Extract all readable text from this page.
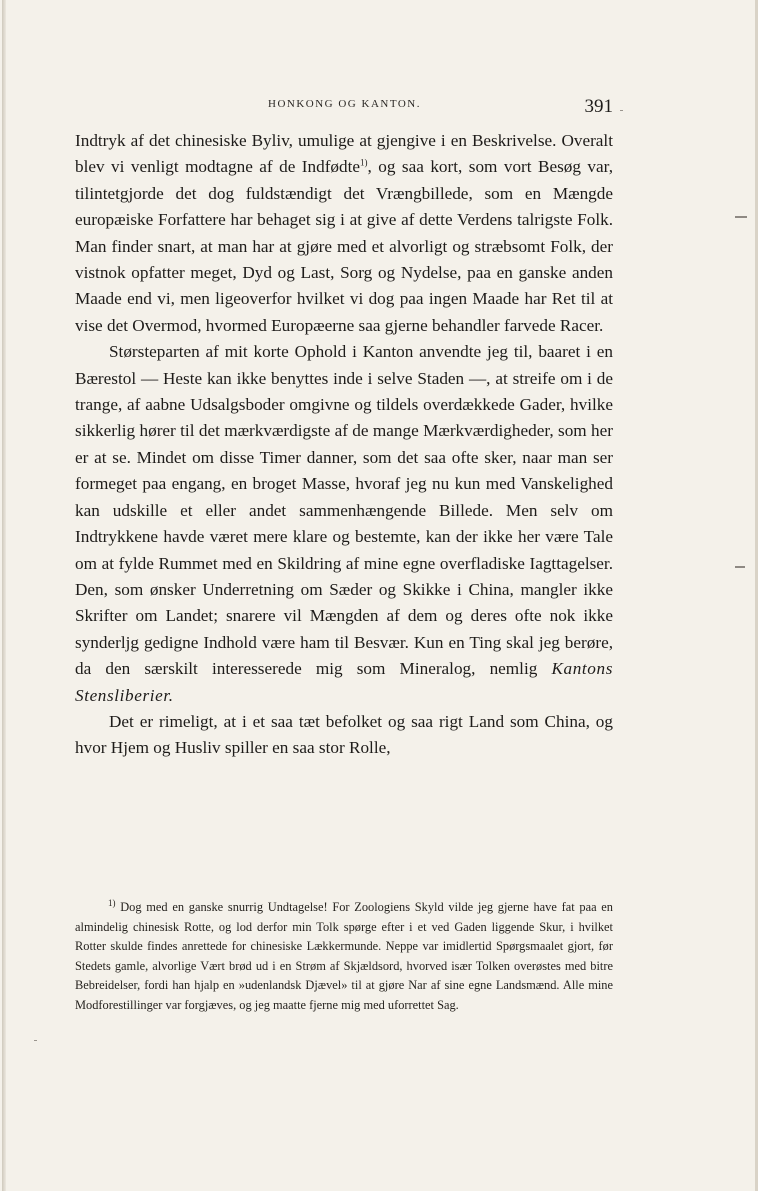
HONKONG OG KANTON.	391

Indtryk af det chinesiske Byliv, umulige at gjengive i en Beskrivelse. Overalt blev vi venligt modtagne af de Indfødte$^{1)}$, og saa kort, som vort Besøg var, tilintetgjorde det dog fuldstændigt det Vrængbillede, som en Mængde europæiske Forfattere har behaget sig i at give af dette Verdens talrigste Folk. Man finder snart, at man har at gjøre med et alvorligt og stræbsomt Folk, der vistnok opfatter meget, Dyd og Last, Sorg og Nydelse, paa en ganske anden Maade end vi, men ligeoverfor hvilket vi dog paa ingen Maade har Ret til at vise det Overmod, hvormed Europæerne saa gjerne behandler farvede Racer.

Størsteparten af mit korte Ophold i Kanton anvendte jeg til, baaret i en Bærestol — Heste kan ikke benyttes inde i selve Staden —, at streife om i de trange, af aabne Udsalgsboder omgivne og tildels overdækkede Gader, hvilke sikkerlig hører til det mærkværdigste af de mange Mærkværdigheder, som her er at se. Mindet om disse Timer danner, som det saa ofte sker, naar man ser formeget paa engang, en broget Masse, hvoraf jeg nu kun med Vanskelighed kan udskille et eller andet sammenhængende Billede. Men selv om Indtrykkene havde været mere klare og bestemte, kan der ikke her være Tale om at fylde Rummet med en Skildring af mine egne overfladiske Iagttagelser. Den, som ønsker Underretning om Sæder og Skikke i China, mangler ikke Skrifter om Landet; snarere vil Mængden af dem og deres ofte nok ikke synderljg gedigne Indhold være ham til Besvær. Kun en Ting skal jeg berøre, da den særskilt interesserede mig som Mineralog, nemlig Kantons Stensliberier.

Det er rimeligt, at i et saa tæt befolket og saa rigt Land som China, og hvor Hjem og Husliv spiller en saa stor Rolle,

$^{1)}$ Dog med en ganske snurrig Undtagelse! For Zoologiens Skyld vilde jeg gjerne have fat paa en almindelig chinesisk Rotte, og lod derfor min Tolk spørge efter i et ved Gaden liggende Skur, i hvilket Rotter skulde findes anrettede for chinesiske Lækkermunde. Neppe var imidlertid Spørgsmaalet gjort, før Stedets gamle, alvorlige Vært brød ud i en Strøm af Skjældsord, hvorved især Tolken overøstes med bitre Bebreidelser, fordi han hjalp en »udenlandsk Djævel» til at gjøre Nar af sine egne Landsmænd. Alle mine Modforestillinger var forgjæves, og jeg maatte fjerne mig med uforrettet Sag.
